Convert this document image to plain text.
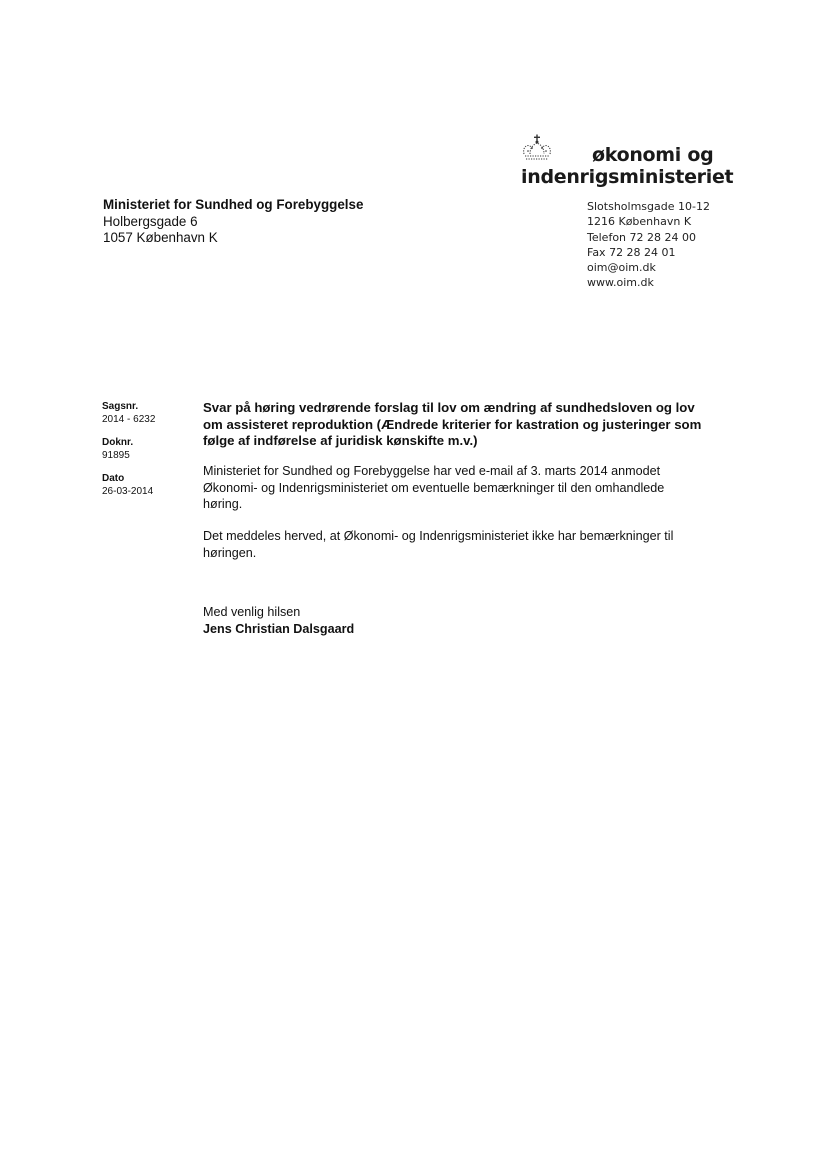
økonomi og
indenrigsministeriet
Ministeriet for Sundhed og Forebyggelse
Holbergsgade 6
1057 København K
Slotsholmsgade 10-12
1216 København K
Telefon 72 28 24 00
Fax 72 28 24 01
oim@oim.dk
www.oim.dk
Sagsnr.
2014 - 6232
Doknr.
91895
Dato
26-03-2014
Svar på høring vedrørende forslag til lov om ændring af sundhedsloven og lov om assisteret reproduktion (Ændrede kriterier for kastration og justeringer som følge af indførelse af juridisk kønskifte m.v.)
Ministeriet for Sundhed og Forebyggelse har ved e-mail af 3. marts 2014 anmodet Økonomi- og Indenrigsministeriet om eventuelle bemærkninger til den omhandlede høring.
Det meddeles herved, at Økonomi- og Indenrigsministeriet ikke har bemærkninger til høringen.
Med venlig hilsen
Jens Christian Dalsgaard
